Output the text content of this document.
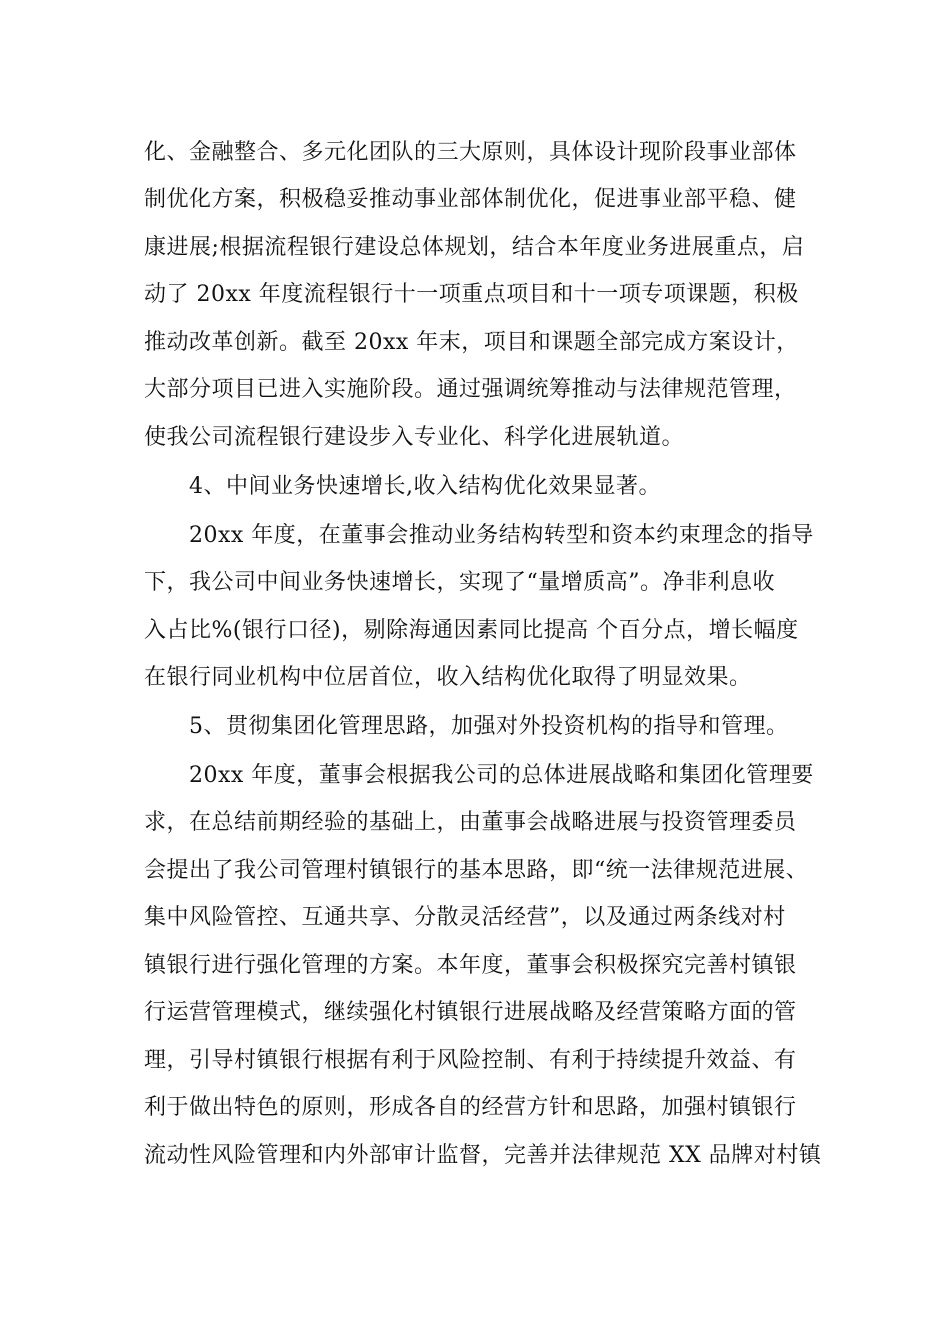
化、金融整合、多元化团队的三大原则，具体设计现阶段事业部体
制优化方案，积极稳妥推动事业部体制优化，促进事业部平稳、健
康进展;根据流程银行建设总体规划，结合本年度业务进展重点，启
动了 20xx 年度流程银行十一项重点项目和十一项专项课题，积极
推动改革创新。截至 20xx 年末，项目和课题全部完成方案设计，
大部分项目已进入实施阶段。通过强调统筹推动与法律规范管理，
使我公司流程银行建设步入专业化、科学化进展轨道。
4、中间业务快速增长,收入结构优化效果显著。
20xx 年度，在董事会推动业务结构转型和资本约束理念的指导
下，我公司中间业务快速增长，实现了“量增质高”。净非利息收
入占比%(银行口径)，剔除海通因素同比提高 个百分点，增长幅度
在银行同业机构中位居首位，收入结构优化取得了明显效果。
5、贯彻集团化管理思路，加强对外投资机构的指导和管理。
20xx 年度，董事会根据我公司的总体进展战略和集团化管理要
求，在总结前期经验的基础上，由董事会战略进展与投资管理委员
会提出了我公司管理村镇银行的基本思路，即“统一法律规范进展、
集中风险管控、互通共享、分散灵活经营”，以及通过两条线对村
镇银行进行强化管理的方案。本年度，董事会积极探究完善村镇银
行运营管理模式，继续强化村镇银行进展战略及经营策略方面的管
理，引导村镇银行根据有利于风险控制、有利于持续提升效益、有
利于做出特色的原则，形成各自的经营方针和思路，加强村镇银行
流动性风险管理和内外部审计监督，完善并法律规范 XX 品牌对村镇
